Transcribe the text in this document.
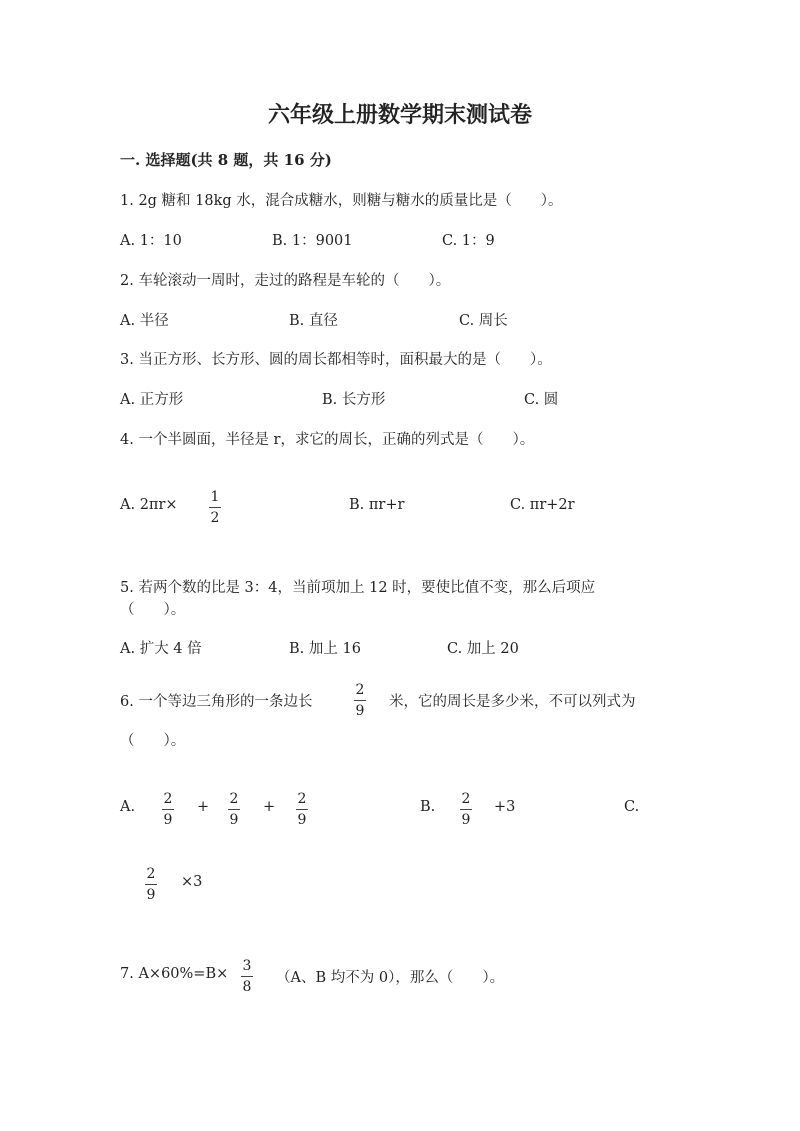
六年级上册数学期末测试卷
一. 选择题(共 8 题，共 16 分)
1. 2g 糖和 18kg 水，混合成糖水，则糖与糖水的质量比是（　　）。
A. 1：10	B. 1：9001	C. 1：9
2. 车轮滚动一周时，走过的路程是车轮的（　　）。
A. 半径	B. 直径	C. 周长
3. 当正方形、长方形、圆的周长都相等时，面积最大的是（　　）。
A. 正方形	B. 长方形	C. 圆
4. 一个半圆面，半径是 r，求它的周长，正确的列式是（　　）。
A. 2πr× 1
2
B. πr+r	C. πr+2r
5. 若两个数的比是 3：4，当前项加上 12 时，要使比值不变，那么后项应
（　　）。
A. 扩大 4 倍	B. 加上 16	C. 加上 20
6. 一个等边三角形的一条边长
2
9
米，它的周长是多少米，不可以列式为
（　　）。
A. 2
9
+ 2
9
+ 2
9
B. 2
9
+3	C.
2
9
×3
7. A×60%=B× 3
8
（A、B 均不为 0），那么（　　）。
